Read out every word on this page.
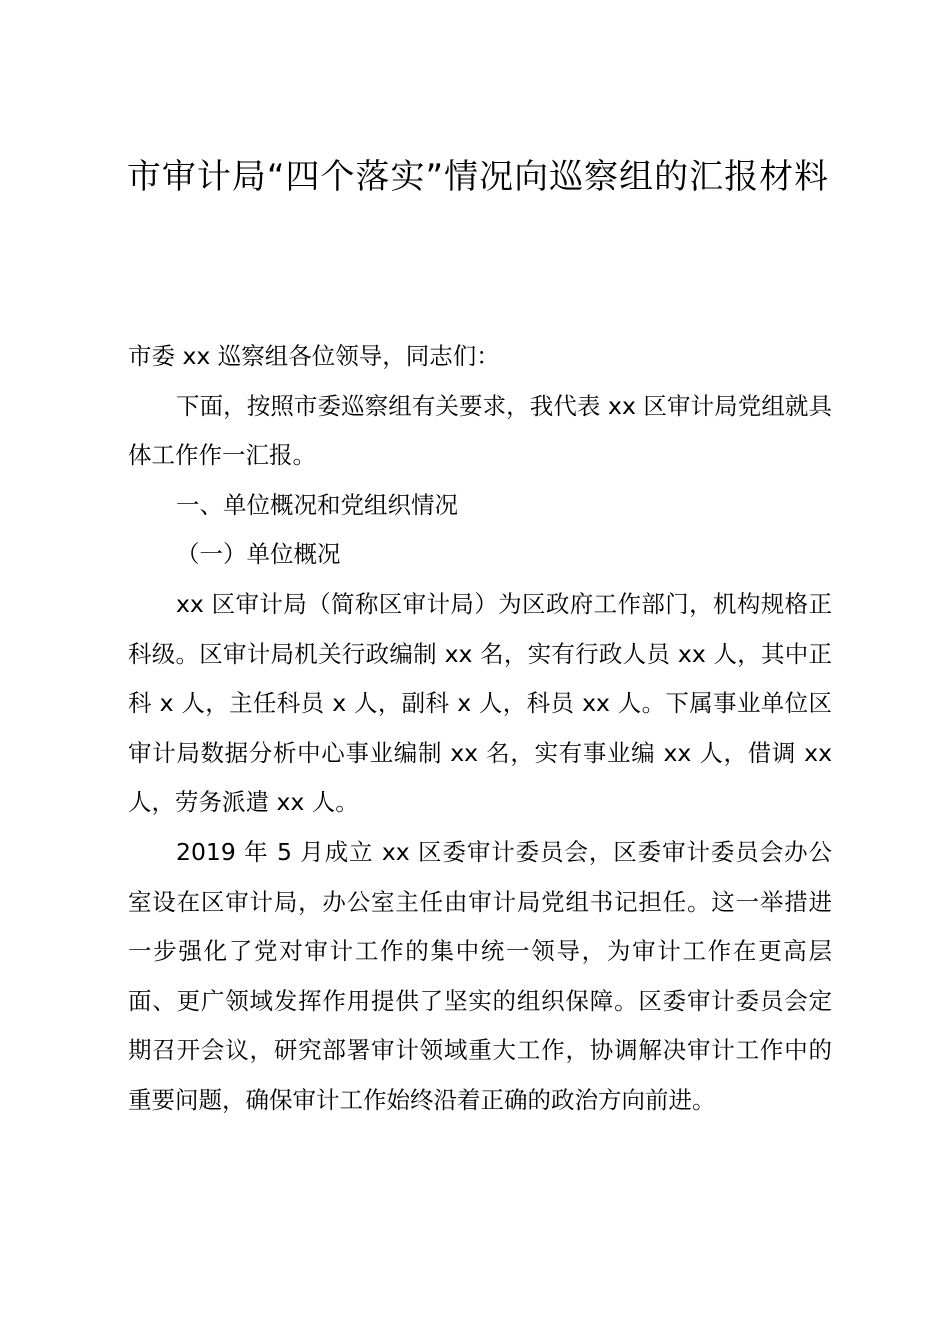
市审计局“四个落实”情况向巡察组的汇报材料

市委 xx 巡察组各位领导，同志们：

下面，按照市委巡察组有关要求，我代表 xx 区审计局党组就具体工作作一汇报。

一、单位概况和党组织情况

（一）单位概况

xx 区审计局（简称区审计局）为区政府工作部门，机构规格正科级。区审计局机关行政编制 xx 名，实有行政人员 xx 人，其中正科 x 人，主任科员 x 人，副科 x 人，科员 xx 人。下属事业单位区审计局数据分析中心事业编制 xx 名，实有事业编 xx 人，借调 xx 人，劳务派遣 xx 人。

2019 年 5 月成立 xx 区委审计委员会，区委审计委员会办公室设在区审计局，办公室主任由审计局党组书记担任。这一举措进一步强化了党对审计工作的集中统一领导，为审计工作在更高层面、更广领域发挥作用提供了坚实的组织保障。区委审计委员会定期召开会议，研究部署审计领域重大工作，协调解决审计工作中的重要问题，确保审计工作始终沿着正确的政治方向前进。
